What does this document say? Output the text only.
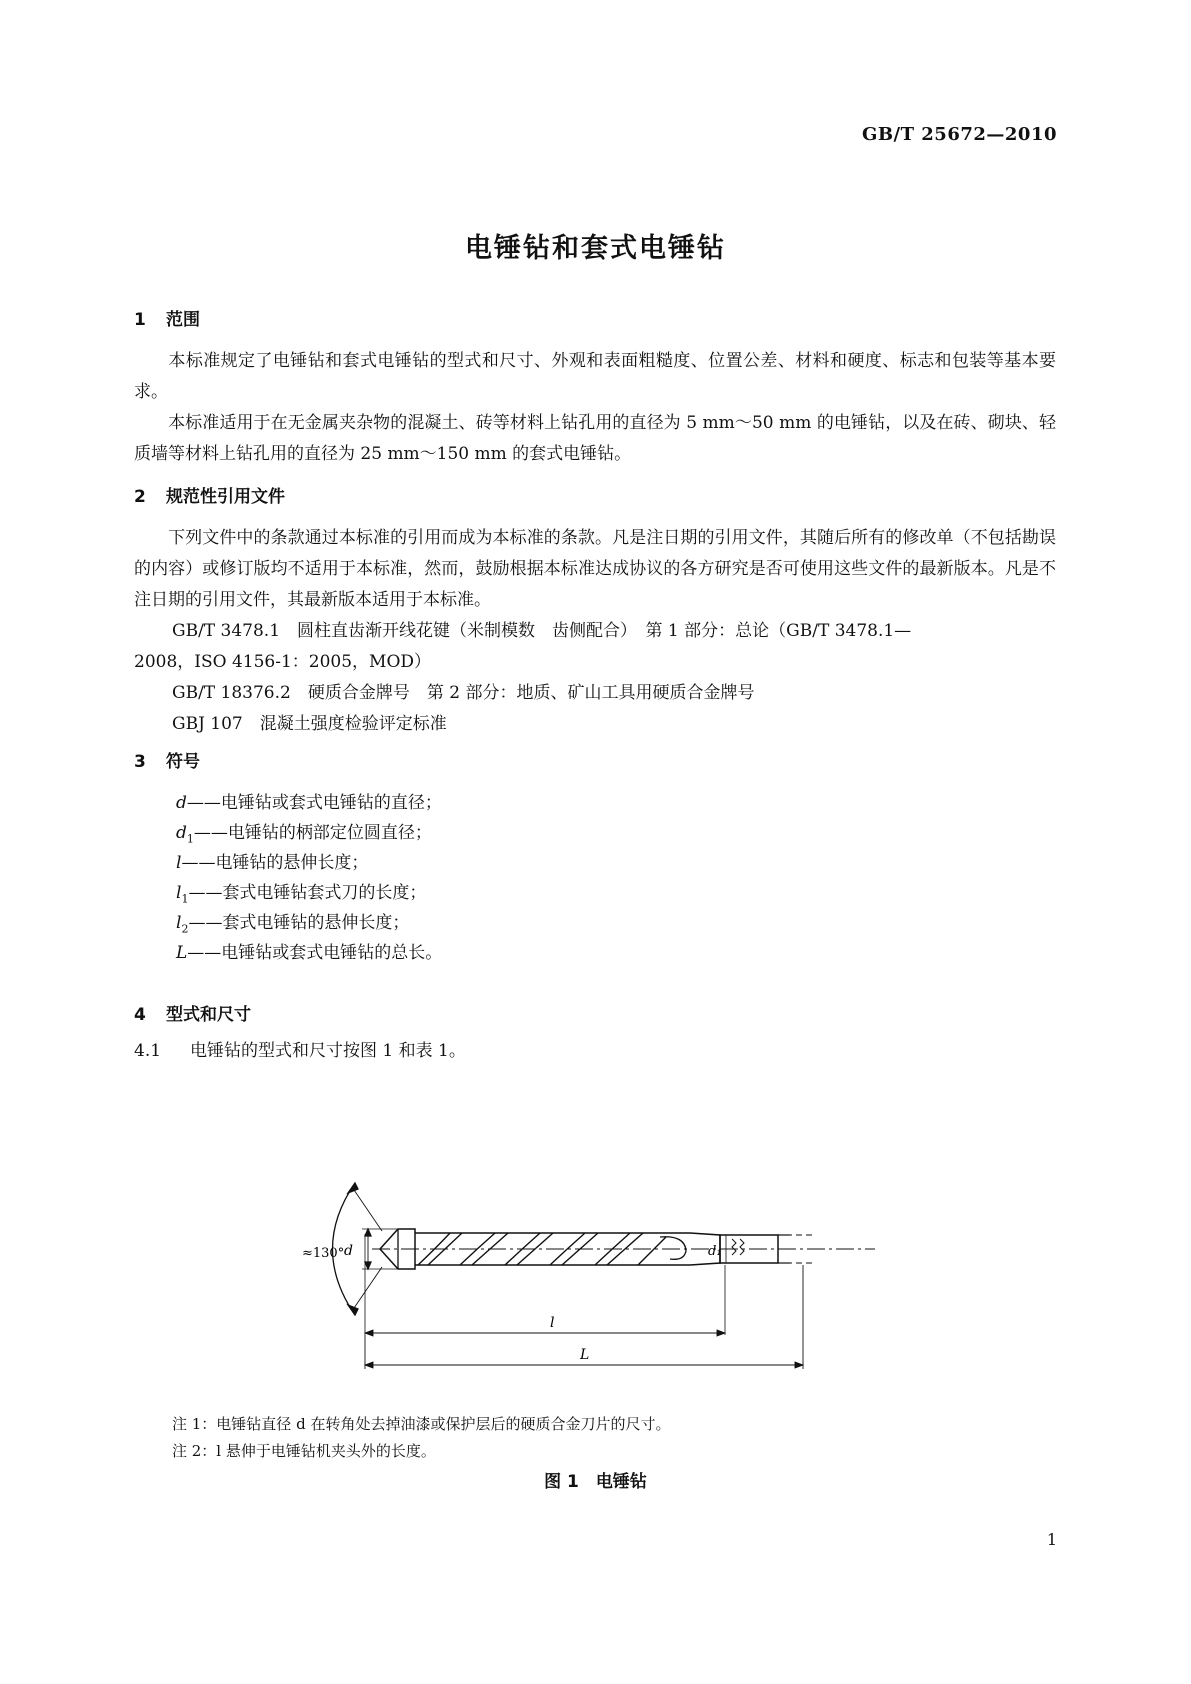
GB/T 25672—2010
电锤钻和套式电锤钻
1 范围
本标准规定了电锤钻和套式电锤钻的型式和尺寸、外观和表面粗糙度、位置公差、材料和硬度、标志和包装等基本要求。
本标准适用于在无金属夹杂物的混凝土、砖等材料上钻孔用的直径为 5 mm～50 mm 的电锤钻，以及在砖、砌块、轻质墙等材料上钻孔用的直径为 25 mm～150 mm 的套式电锤钻。
2 规范性引用文件
下列文件中的条款通过本标准的引用而成为本标准的条款。凡是注日期的引用文件，其随后所有的修改单（不包括勘误的内容）或修订版均不适用于本标准，然而，鼓励根据本标准达成协议的各方研究是否可使用这些文件的最新版本。凡是不注日期的引用文件，其最新版本适用于本标准。
GB/T 3478.1　圆柱直齿渐开线花键（米制模数　齿侧配合）　第 1 部分：总论（GB/T 3478.1—
2008，ISO 4156-1：2005，MOD）
GB/T 18376.2　硬质合金牌号　第 2 部分：地质、矿山工具用硬质合金牌号
GBJ 107　混凝土强度检验评定标准
3 符号
d——电锤钻或套式电锤钻的直径；
$d_1——$电锤钻的柄部定位圆直径；
l——电锤钻的悬伸长度；
$l_1——$套式电锤钻套式刀的长度；
$l_2——$套式电锤钻的悬伸长度；
L——电锤钻或套式电锤钻的总长。
4 型式和尺寸
4.1 电锤钻的型式和尺寸按图 1 和表 1。
≈130° d	d₁
l
L
注 1：电锤钻直径 d 在转角处去掉油漆或保护层后的硬质合金刀片的尺寸。
注 2：l 悬伸于电锤钻机夹头外的长度。
图 1　电锤钻
1
